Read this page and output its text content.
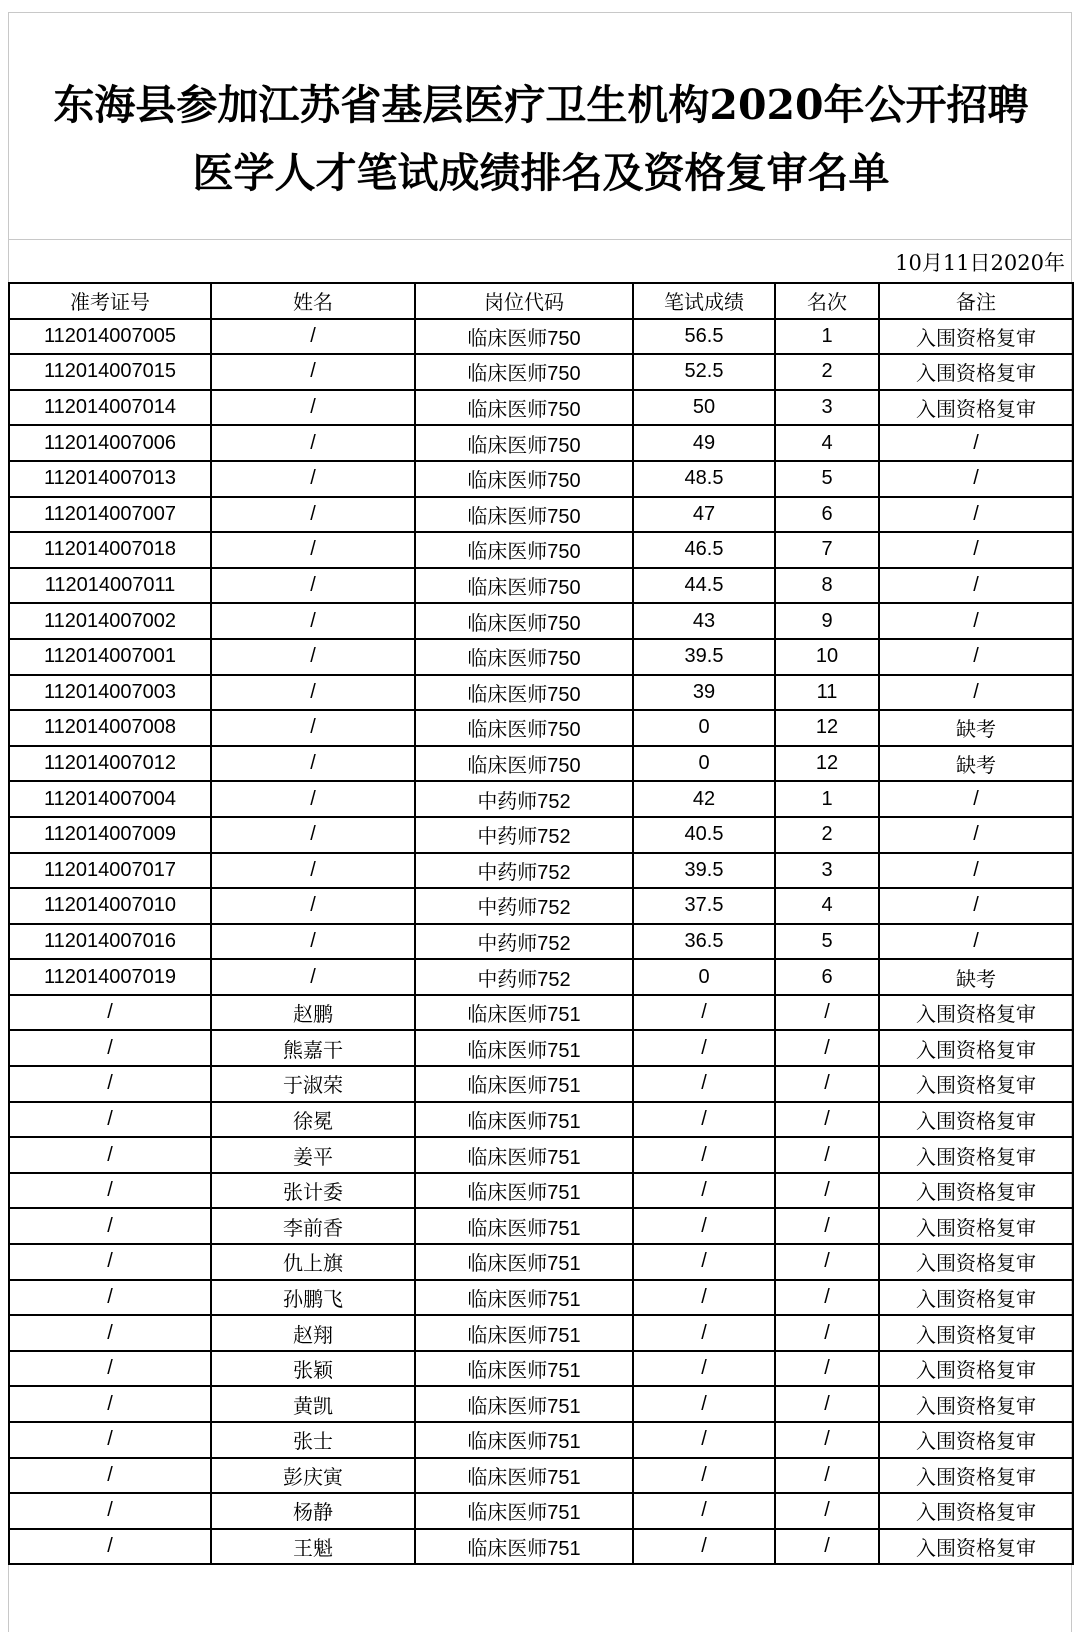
东海县参加江苏省基层医疗卫生机构2020年公开招聘
医学人才笔试成绩排名及资格复审名单
10月11日2020年
准考证号	姓名	岗位代码	笔试成绩	名次	备注
112014007005	/	临床医师750	56.5	1	入围资格复审
112014007015	/	临床医师750	52.5	2	入围资格复审
112014007014	/	临床医师750	50	3	入围资格复审
112014007006	/	临床医师750	49	4	/
112014007013	/	临床医师750	48.5	5	/
112014007007	/	临床医师750	47	6	/
112014007018	/	临床医师750	46.5	7	/
112014007011	/	临床医师750	44.5	8	/
112014007002	/	临床医师750	43	9	/
112014007001	/	临床医师750	39.5	10	/
112014007003	/	临床医师750	39	11	/
112014007008	/	临床医师750	0	12	缺考
112014007012	/	临床医师750	0	12	缺考
112014007004	/	中药师752	42	1	/
112014007009	/	中药师752	40.5	2	/
112014007017	/	中药师752	39.5	3	/
112014007010	/	中药师752	37.5	4	/
112014007016	/	中药师752	36.5	5	/
112014007019	/	中药师752	0	6	缺考
/	赵鹏	临床医师751	/	/	入围资格复审
/	熊嘉干	临床医师751	/	/	入围资格复审
/	于淑荣	临床医师751	/	/	入围资格复审
/	徐冕	临床医师751	/	/	入围资格复审
/	姜平	临床医师751	/	/	入围资格复审
/	张计委	临床医师751	/	/	入围资格复审
/	李前香	临床医师751	/	/	入围资格复审
/	仇上旗	临床医师751	/	/	入围资格复审
/	孙鹏飞	临床医师751	/	/	入围资格复审
/	赵翔	临床医师751	/	/	入围资格复审
/	张颖	临床医师751	/	/	入围资格复审
/	黄凯	临床医师751	/	/	入围资格复审
/	张士	临床医师751	/	/	入围资格复审
/	彭庆寅	临床医师751	/	/	入围资格复审
/	杨静	临床医师751	/	/	入围资格复审
/	王魁	临床医师751	/	/	入围资格复审
